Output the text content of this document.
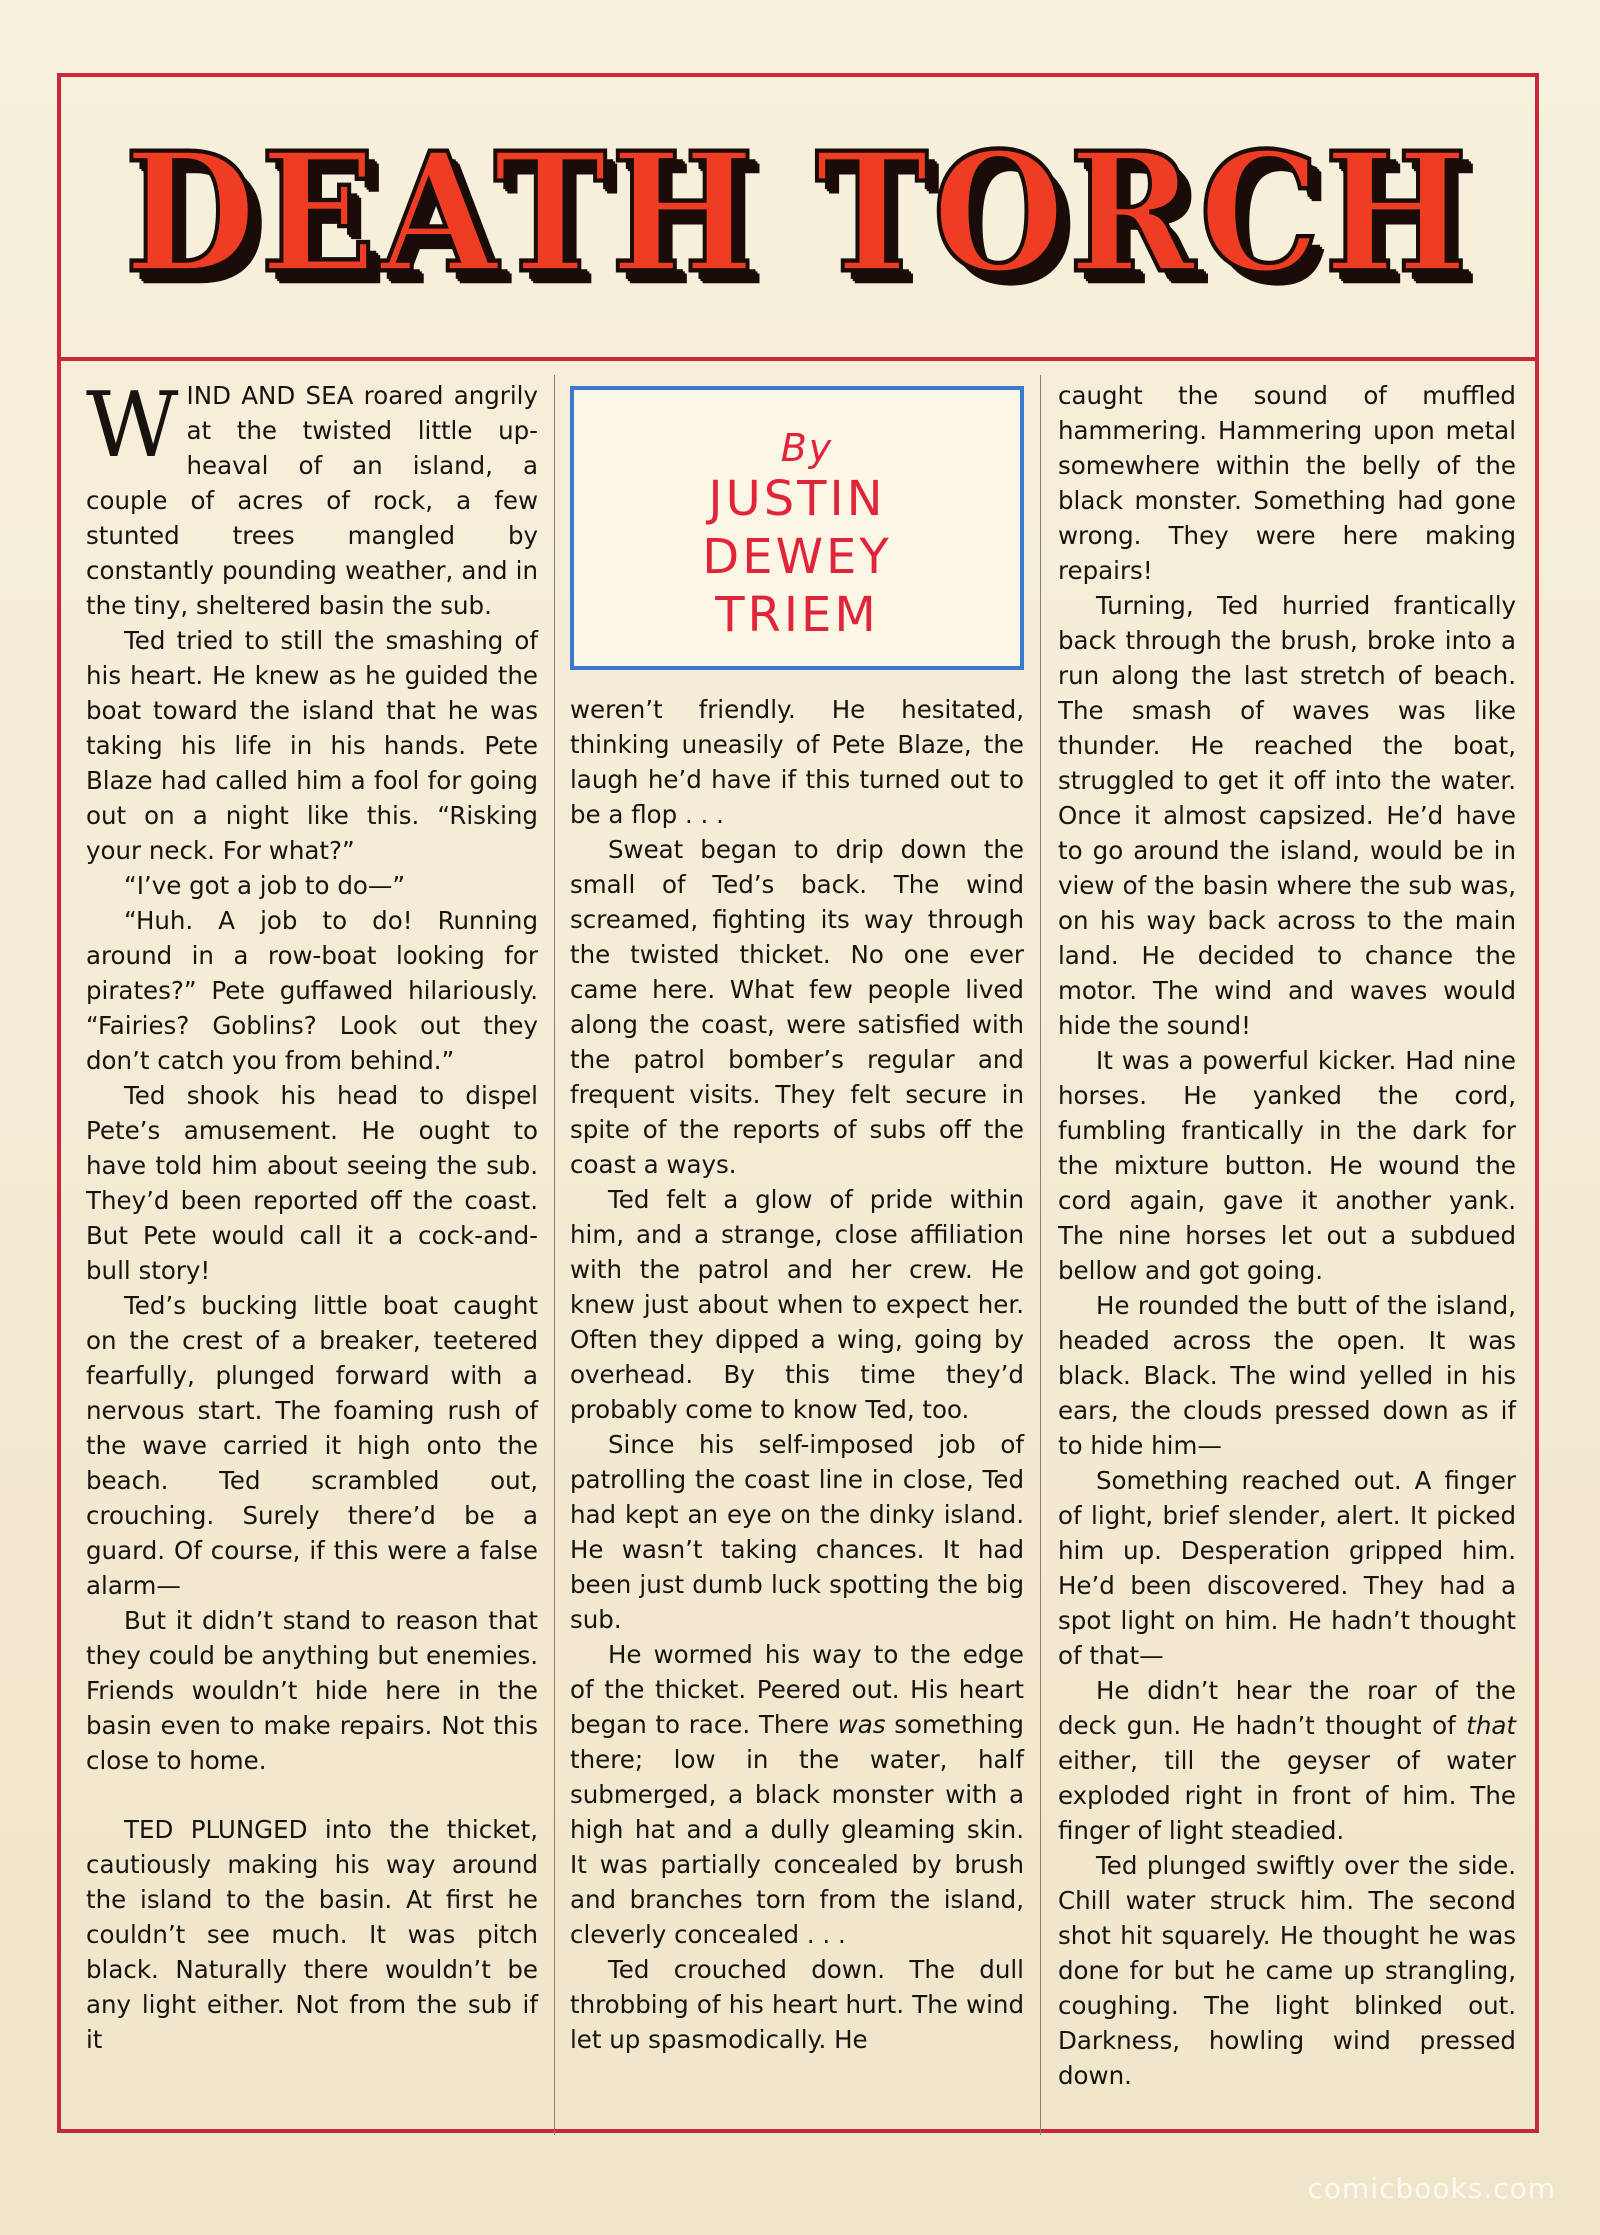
DEATH TORCH

WIND AND SEA roared angrily at the twisted little up-heaval of an island, a couple of acres of rock, a few stunted trees mangled by constantly pounding weather, and in the tiny, sheltered basin the sub.

Ted tried to still the smashing of his heart. He knew as he guided the boat toward the island that he was taking his life in his hands. Pete Blaze had called him a fool for going out on a night like this. “Risking your neck. For what?”

“I’ve got a job to do—”

“Huh. A job to do! Running around in a row-boat looking for pirates?” Pete guffawed hilariously. “Fairies? Goblins? Look out they don’t catch you from behind.”

Ted shook his head to dispel Pete’s amusement. He ought to have told him about seeing the sub. They’d been reported off the coast. But Pete would call it a cock-and-bull story!

Ted’s bucking little boat caught on the crest of a breaker, teetered fearfully, plunged forward with a nervous start. The foaming rush of the wave carried it high onto the beach. Ted scrambled out, crouching. Surely there’d be a guard. Of course, if this were a false alarm—

But it didn’t stand to reason that they could be anything but enemies. Friends wouldn’t hide here in the basin even to make repairs. Not this close to home.

TED PLUNGED into the thicket, cautiously making his way around the island to the basin. At first he couldn’t see much. It was pitch black. Naturally there wouldn’t be any light either. Not from the sub if it

By
JUSTIN
DEWEY
TRIEM

weren’t friendly. He hesitated, thinking uneasily of Pete Blaze, the laugh he’d have if this turned out to be a flop . . .

Sweat began to drip down the small of Ted’s back. The wind screamed, fighting its way through the twisted thicket. No one ever came here. What few people lived along the coast, were satisfied with the patrol bomber’s regular and frequent visits. They felt secure in spite of the reports of subs off the coast a ways.

Ted felt a glow of pride within him, and a strange, close affiliation with the patrol and her crew. He knew just about when to expect her. Often they dipped a wing, going by overhead. By this time they’d probably come to know Ted, too.

Since his self-imposed job of patrolling the coast line in close, Ted had kept an eye on the dinky island. He wasn’t taking chances. It had been just dumb luck spotting the big sub.

He wormed his way to the edge of the thicket. Peered out. His heart began to race. There was something there; low in the water, half submerged, a black monster with a high hat and a dully gleaming skin. It was partially concealed by brush and branches torn from the island, cleverly concealed . . .

Ted crouched down. The dull throbbing of his heart hurt. The wind let up spasmodically. He

caught the sound of muffled hammering. Hammering upon metal somewhere within the belly of the black monster. Something had gone wrong. They were here making repairs!

Turning, Ted hurried frantically back through the brush, broke into a run along the last stretch of beach. The smash of waves was like thunder. He reached the boat, struggled to get it off into the water. Once it almost capsized. He’d have to go around the island, would be in view of the basin where the sub was, on his way back across to the main land. He decided to chance the motor. The wind and waves would hide the sound!

It was a powerful kicker. Had nine horses. He yanked the cord, fumbling frantically in the dark for the mixture button. He wound the cord again, gave it another yank. The nine horses let out a subdued bellow and got going.

He rounded the butt of the island, headed across the open. It was black. Black. The wind yelled in his ears, the clouds pressed down as if to hide him—

Something reached out. A finger of light, brief slender, alert. It picked him up. Desperation gripped him. He’d been discovered. They had a spot light on him. He hadn’t thought of that—

He didn’t hear the roar of the deck gun. He hadn’t thought of that either, till the geyser of water exploded right in front of him. The finger of light steadied.

Ted plunged swiftly over the side. Chill water struck him. The second shot hit squarely. He thought he was done for but he came up strangling, coughing. The light blinked out. Darkness, howling wind pressed down.

comicbooks.com
